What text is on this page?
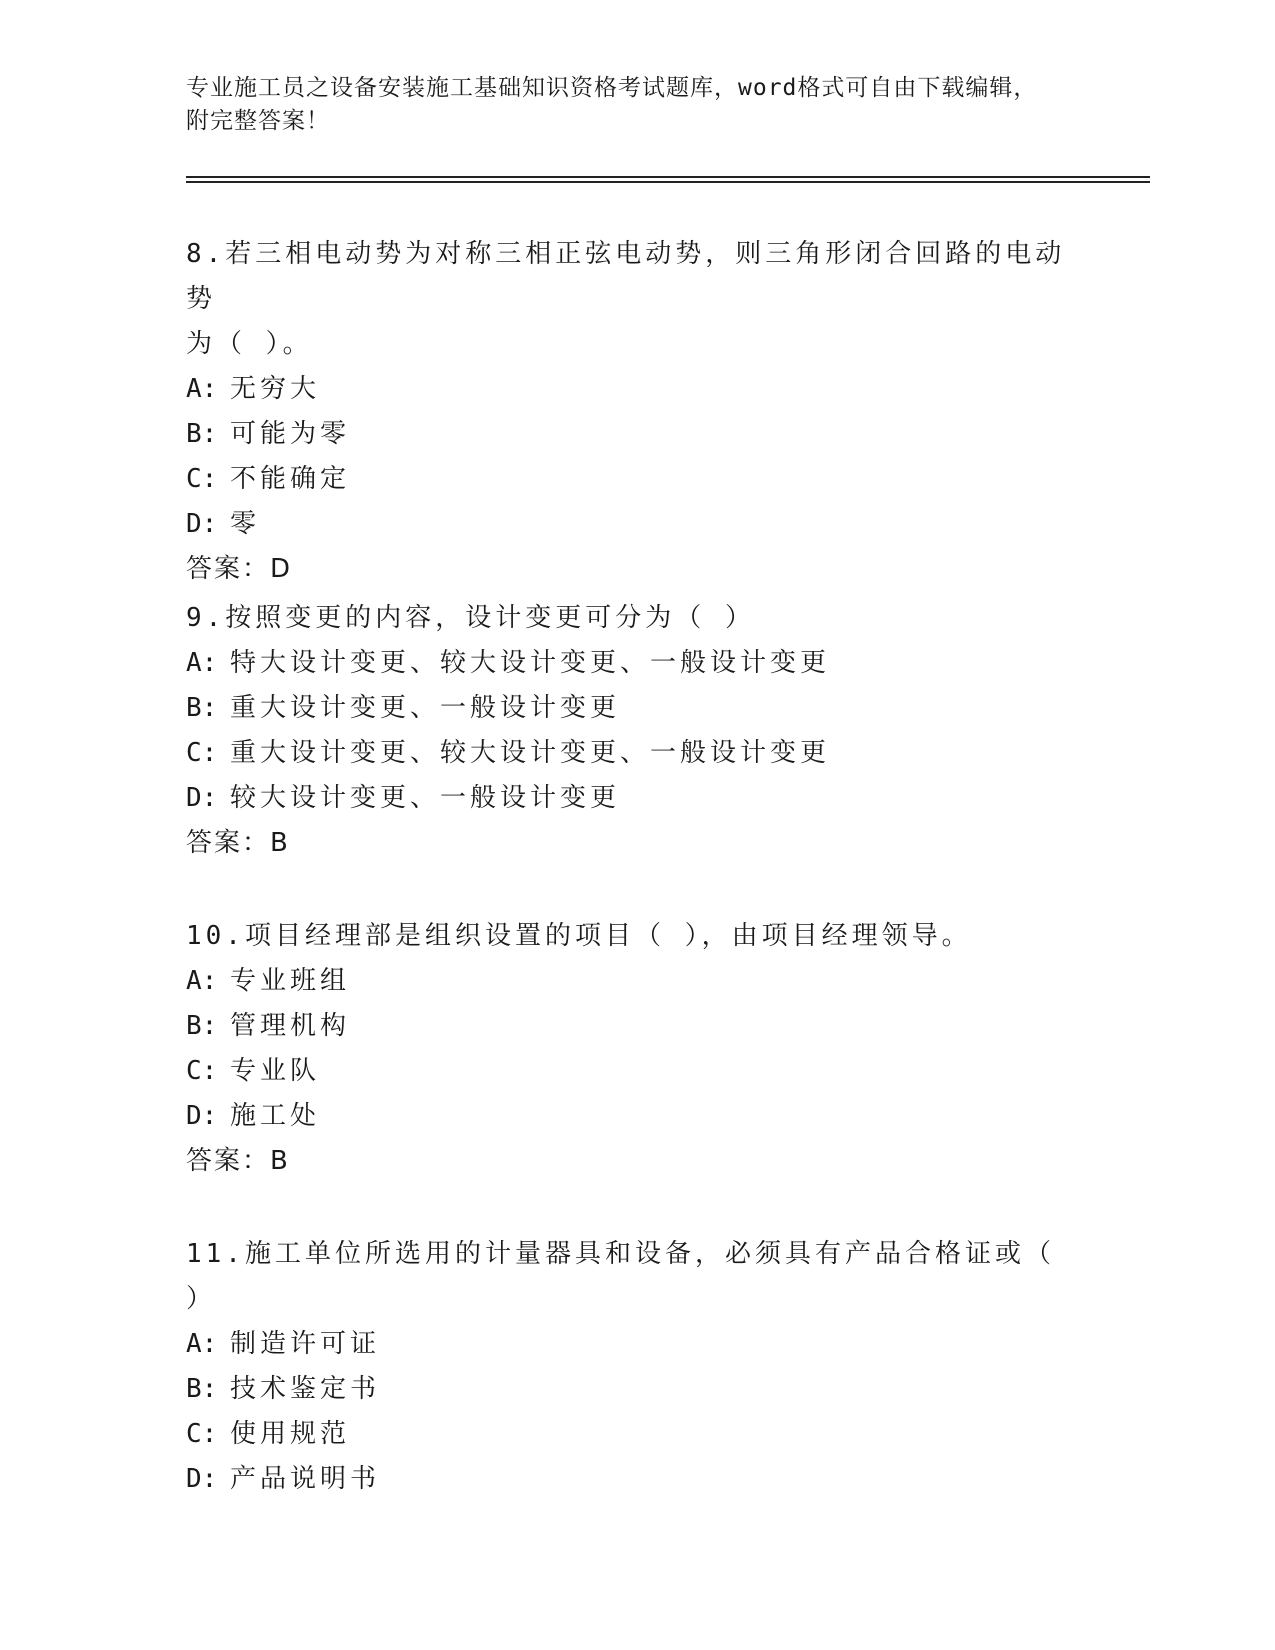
专业施工员之设备安装施工基础知识资格考试题库，word格式可自由下载编辑，
附完整答案！

8.若三相电动势为对称三相正弦电动势，则三角形闭合回路的电动势

为（ ）。

A: 无穷大

B: 可能为零

C: 不能确定

D: 零

答案：D

9.按照变更的内容，设计变更可分为（ ）

A: 特大设计变更、较大设计变更、一般设计变更

B: 重大设计变更、一般设计变更

C: 重大设计变更、较大设计变更、一般设计变更

D: 较大设计变更、一般设计变更

答案：B

10.项目经理部是组织设置的项目（ ），由项目经理领导。

A: 专业班组

B: 管理机构

C: 专业队

D: 施工处

答案：B

11.施工单位所选用的计量器具和设备，必须具有产品合格证或（ ）

A: 制造许可证

B: 技术鉴定书

C: 使用规范

D: 产品说明书
